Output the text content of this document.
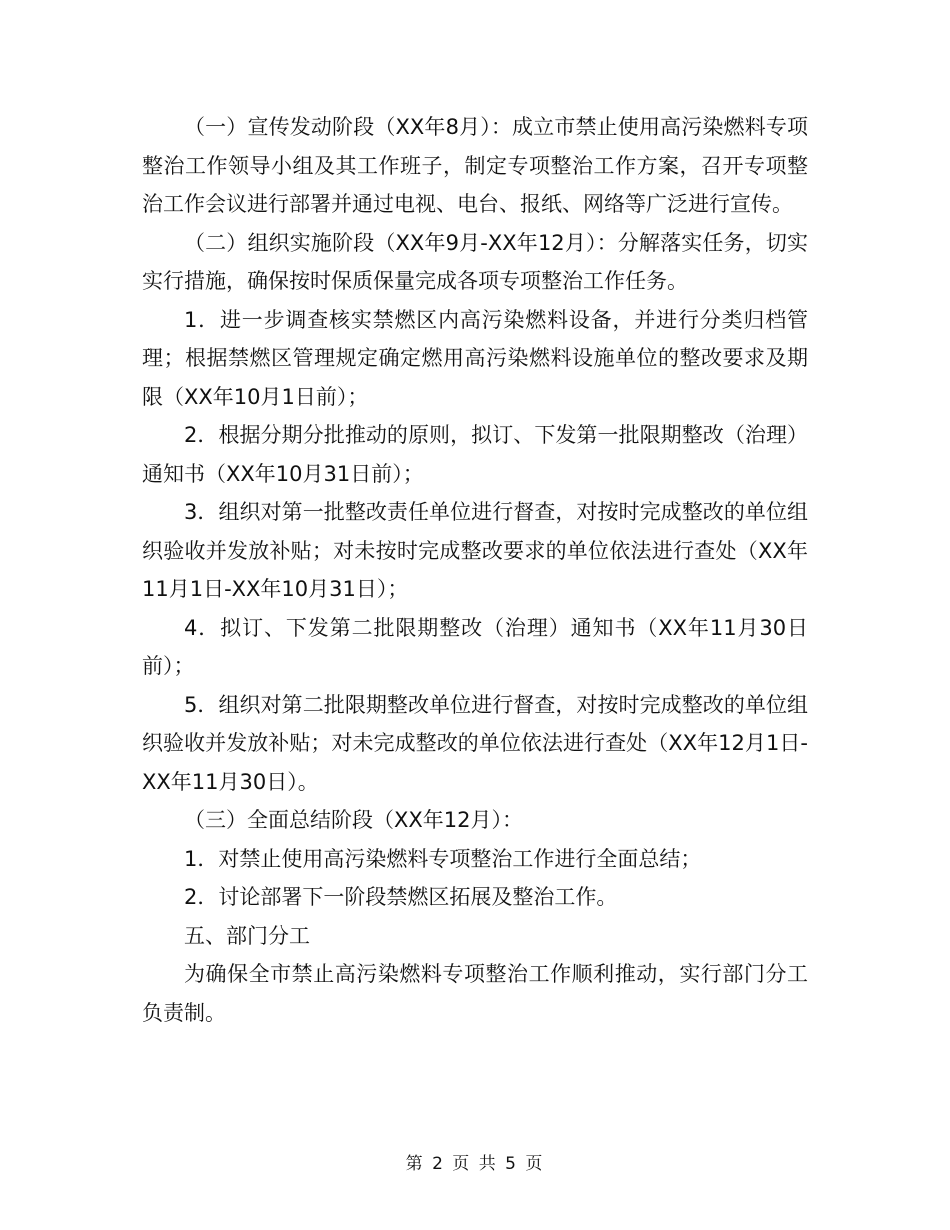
（一）宣传发动阶段（XX年8月）：成立市禁止使用高污染燃料专项整治工作领导小组及其工作班子，制定专项整治工作方案，召开专项整治工作会议进行部署并通过电视、电台、报纸、网络等广泛进行宣传。

（二）组织实施阶段（XX年9月-XX年12月）：分解落实任务，切实实行措施，确保按时保质保量完成各项专项整治工作任务。

1．进一步调查核实禁燃区内高污染燃料设备，并进行分类归档管理；根据禁燃区管理规定确定燃用高污染燃料设施单位的整改要求及期限（XX年10月1日前）；

2．根据分期分批推动的原则，拟订、下发第一批限期整改（治理）通知书（XX年10月31日前）；

3．组织对第一批整改责任单位进行督查，对按时完成整改的单位组织验收并发放补贴；对未按时完成整改要求的单位依法进行查处（XX年11月1日-XX年10月31日）；

4．拟订、下发第二批限期整改（治理）通知书（XX年11月30日前）；

5．组织对第二批限期整改单位进行督查，对按时完成整改的单位组织验收并发放补贴；对未完成整改的单位依法进行查处（XX年12月1日-XX年11月30日）。

（三）全面总结阶段（XX年12月）：

1．对禁止使用高污染燃料专项整治工作进行全面总结；

2．讨论部署下一阶段禁燃区拓展及整治工作。

五、部门分工

为确保全市禁止高污染燃料专项整治工作顺利推动，实行部门分工负责制。

第 2 页 共 5 页
